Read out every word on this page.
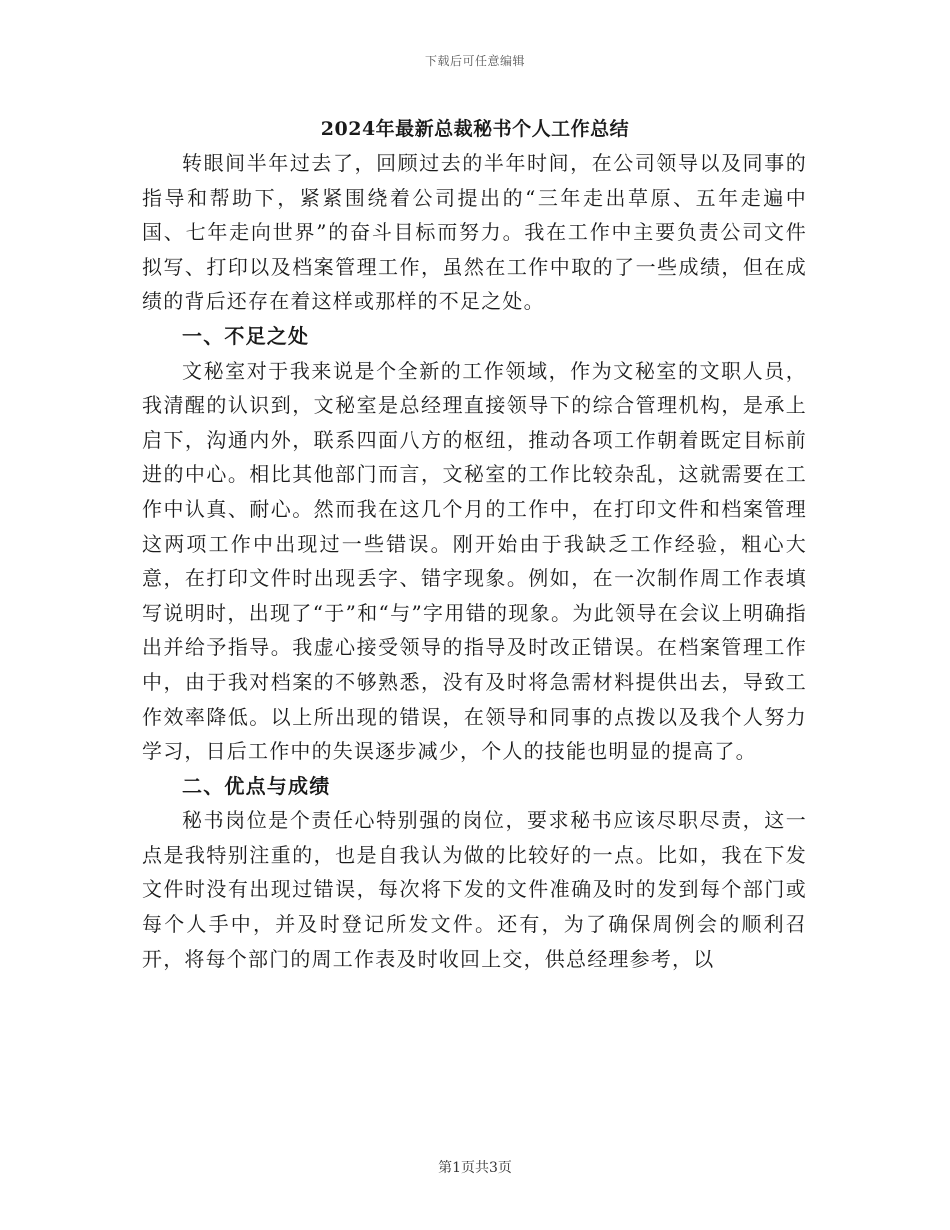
下载后可任意编辑
2024年最新总裁秘书个人工作总结

转眼间半年过去了，回顾过去的半年时间，在公司领导以及同事的指导和帮助下，紧紧围绕着公司提出的“三年走出草原、五年走遍中国、七年走向世界”的奋斗目标而努力。我在工作中主要负责公司文件拟写、打印以及档案管理工作，虽然在工作中取的了一些成绩，但在成绩的背后还存在着这样或那样的不足之处。

一、不足之处

文秘室对于我来说是个全新的工作领域，作为文秘室的文职人员，我清醒的认识到，文秘室是总经理直接领导下的综合管理机构，是承上启下，沟通内外，联系四面八方的枢纽，推动各项工作朝着既定目标前进的中心。相比其他部门而言，文秘室的工作比较杂乱，这就需要在工作中认真、耐心。然而我在这几个月的工作中，在打印文件和档案管理这两项工作中出现过一些错误。刚开始由于我缺乏工作经验，粗心大意，在打印文件时出现丢字、错字现象。例如，在一次制作周工作表填写说明时，出现了“于”和“与”字用错的现象。为此领导在会议上明确指出并给予指导。我虚心接受领导的指导及时改正错误。在档案管理工作中，由于我对档案的不够熟悉，没有及时将急需材料提供出去，导致工作效率降低。以上所出现的错误，在领导和同事的点拨以及我个人努力学习，日后工作中的失误逐步减少，个人的技能也明显的提高了。

二、优点与成绩

秘书岗位是个责任心特别强的岗位，要求秘书应该尽职尽责，这一点是我特别注重的，也是自我认为做的比较好的一点。比如，我在下发文件时没有出现过错误，每次将下发的文件准确及时的发到每个部门或每个人手中，并及时登记所发文件。还有，为了确保周例会的顺利召开，将每个部门的周工作表及时收回上交，供总经理参考，以

第1页共3页
